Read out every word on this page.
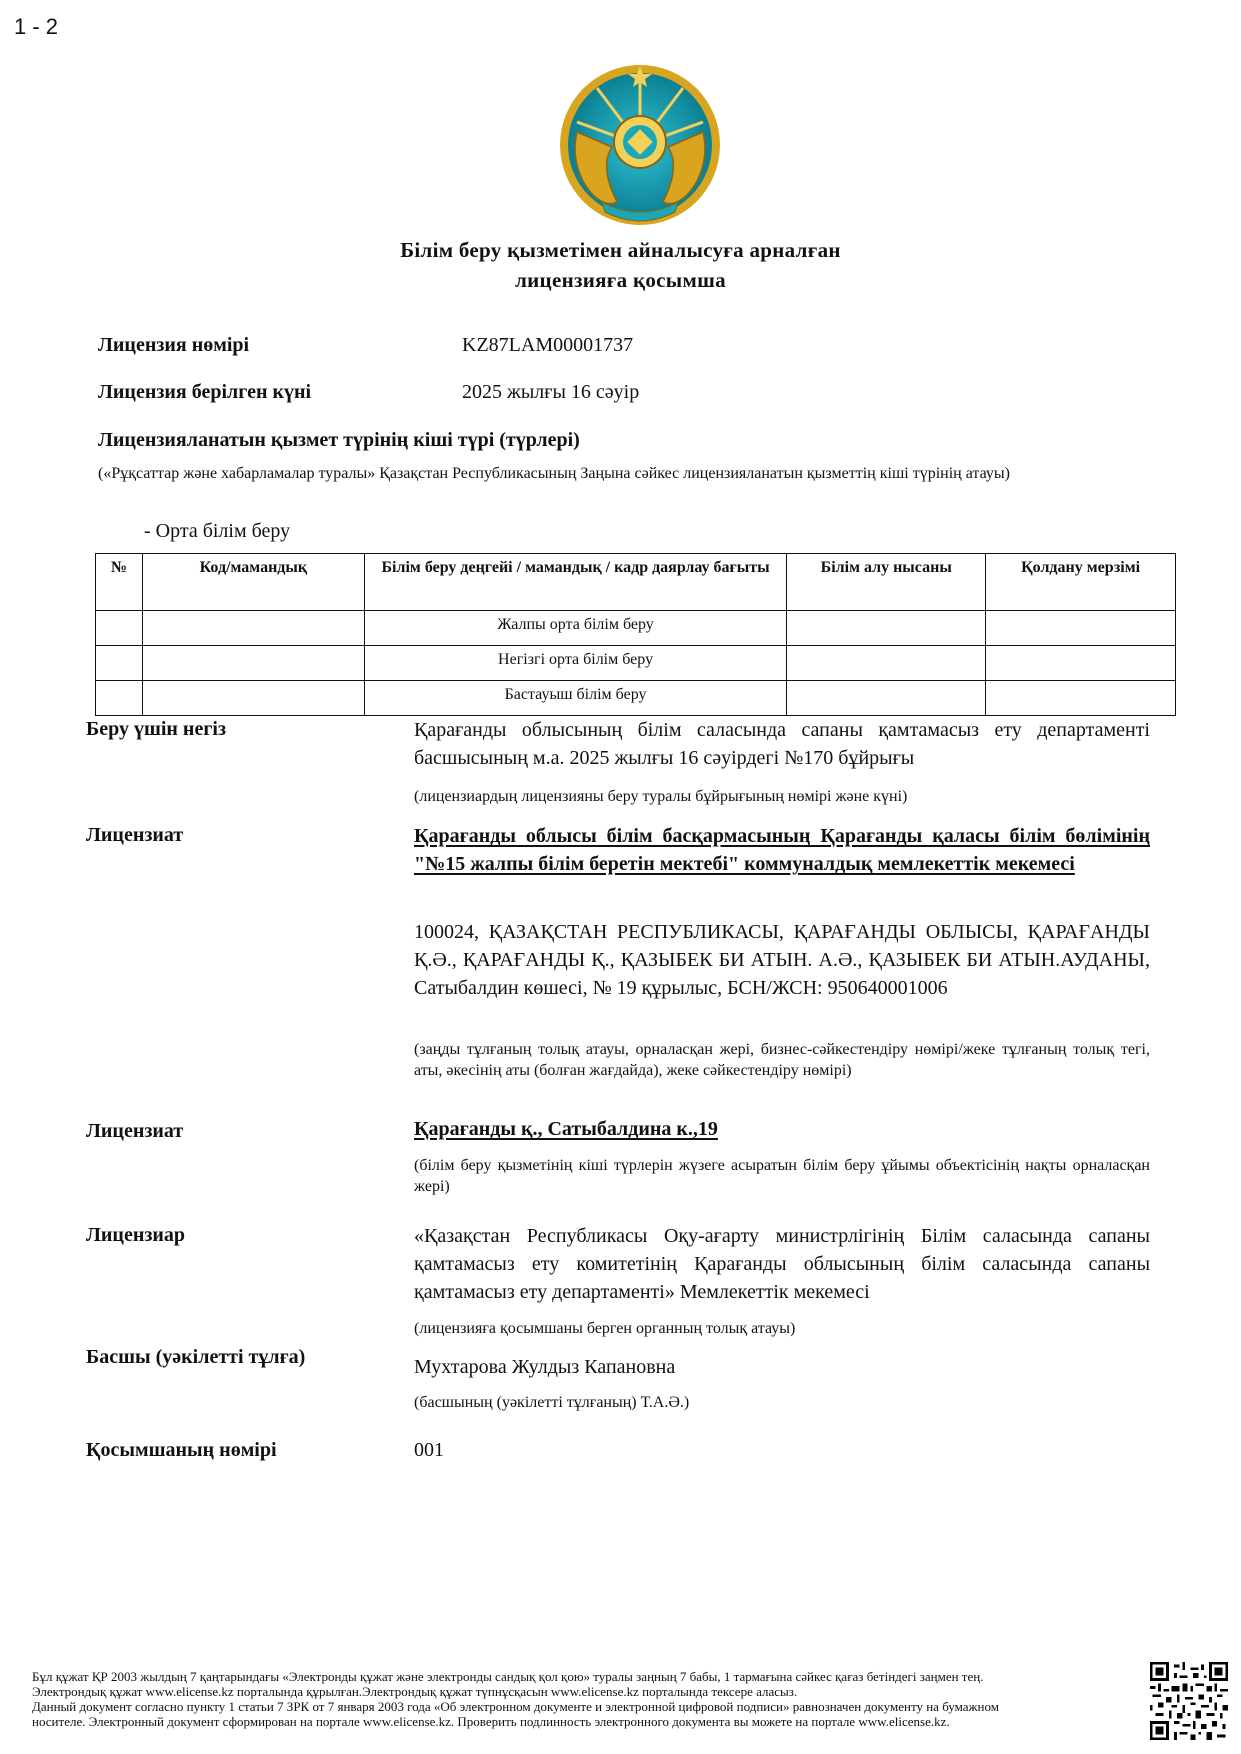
1 - 2
Білім беру қызметімен айналысуға арналған
лицензияға қосымша
Лицензия нөмірі	KZ87LAM00001737
Лицензия берілген күні	2025 жылғы 16 сәуір
Лицензияланатын қызмет түрінің кіші түрі (түрлері)
(«Рұқсаттар және хабарламалар туралы» Қазақстан Республикасының Заңына сәйкес лицензияланатын қызметтің кіші түрінің атауы)
- Орта білім беру
№	Код/мамандық	Білім беру деңгейі / мамандық / кадр даярлау бағыты	Білім алу нысаны	Қолдану мерзімі
		Жалпы орта білім беру		
		Негізгі орта білім беру		
		Бастауыш білім беру		
Беру үшін негіз	Қарағанды облысының білім саласында сапаны қамтамасыз ету департаменті басшысының м.а. 2025 жылғы 16 сәуірдегі №170 бұйрығы
(лицензиардың лицензияны беру туралы бұйрығының нөмірі және күні)
Лицензиат	Қарағанды облысы білім басқармасының Қарағанды қаласы білім бөлімінің "№15 жалпы білім беретін мектебі" коммуналдық мемлекеттік мекемесі
100024, ҚАЗАҚСТАН РЕСПУБЛИКАСЫ, ҚАРАҒАНДЫ ОБЛЫСЫ, ҚАРАҒАНДЫ Қ.Ә., ҚАРАҒАНДЫ Қ., ҚАЗЫБЕК БИ АТЫН. А.Ә., ҚАЗЫБЕК БИ АТЫН.АУДАНЫ, Сатыбалдин көшесі, № 19 құрылыс, БСН/ЖСН: 950640001006
(заңды тұлғаның толық атауы, орналасқан жері, бизнес-сәйкестендіру нөмірі/жеке тұлғаның толық тегі, аты, әкесінің аты (болған жағдайда), жеке сәйкестендіру нөмірі)
Лицензиат	Қарағанды қ., Сатыбалдина к.,19
(білім беру қызметінің кіші түрлерін жүзеге асыратын білім беру ұйымы объектісінің нақты орналасқан жері)
Лицензиар	«Қазақстан Республикасы Оқу-ағарту министрлігінің Білім саласында сапаны қамтамасыз ету комитетінің Қарағанды облысының білім саласында сапаны қамтамасыз ету департаменті» Мемлекеттік мекемесі
(лицензияға қосымшаны берген органның толық атауы)
Басшы (уәкілетті тұлға)	Мухтарова Жулдыз Капановна
(басшының (уәкілетті тұлғаның) Т.А.Ә.)
Қосымшаның нөмірі	001
Бұл құжат ҚР 2003 жылдың 7 қаңтарындағы «Электронды құжат және электронды сандық қол қою» туралы заңның 7 бабы, 1 тармағына сәйкес қағаз бетіндегі заңмен тең.
Электрондық құжат www.elicense.kz порталында құрылған.Электрондық құжат түпнұсқасын www.elicense.kz порталында тексере аласыз.
Данный документ согласно пункту 1 статьи 7 ЗРК от 7 января 2003 года «Об электронном документе и электронной цифровой подписи» равнозначен документу на бумажном
носителе. Электронный документ сформирован на портале www.elicense.kz. Проверить подлинность электронного документа вы можете на портале www.elicense.kz.
